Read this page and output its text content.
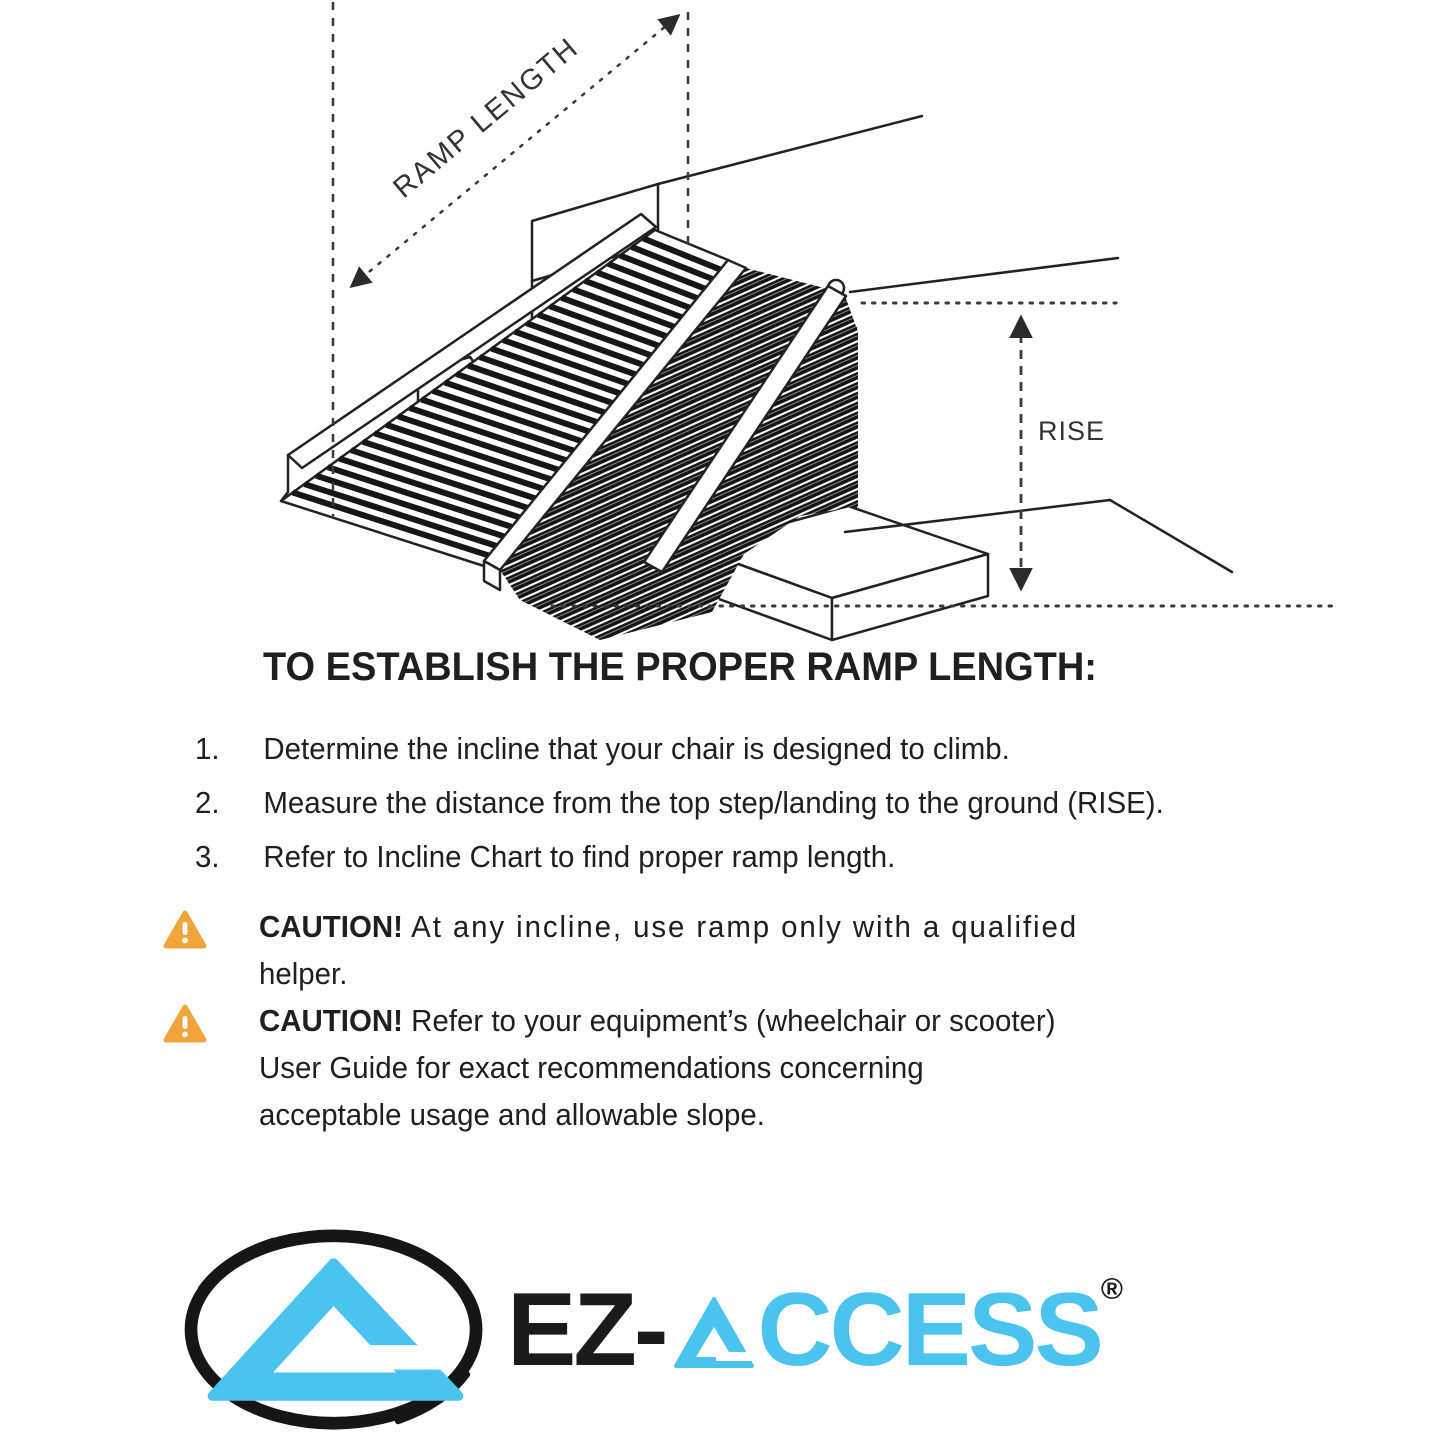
RAMP LENGTH
RISE
TO ESTABLISH THE PROPER RAMP LENGTH:
1.	Determine the incline that your chair is designed to climb.
2.	Measure the distance from the top step/landing to the ground (RISE).
3.	Refer to Incline Chart to find proper ramp length.
CAUTION! At any incline, use ramp only with a qualified
helper.
CAUTION! Refer to your equipment’s (wheelchair or scooter)
User Guide for exact recommendations concerning
acceptable usage and allowable slope.
EZ- CCESS ®
